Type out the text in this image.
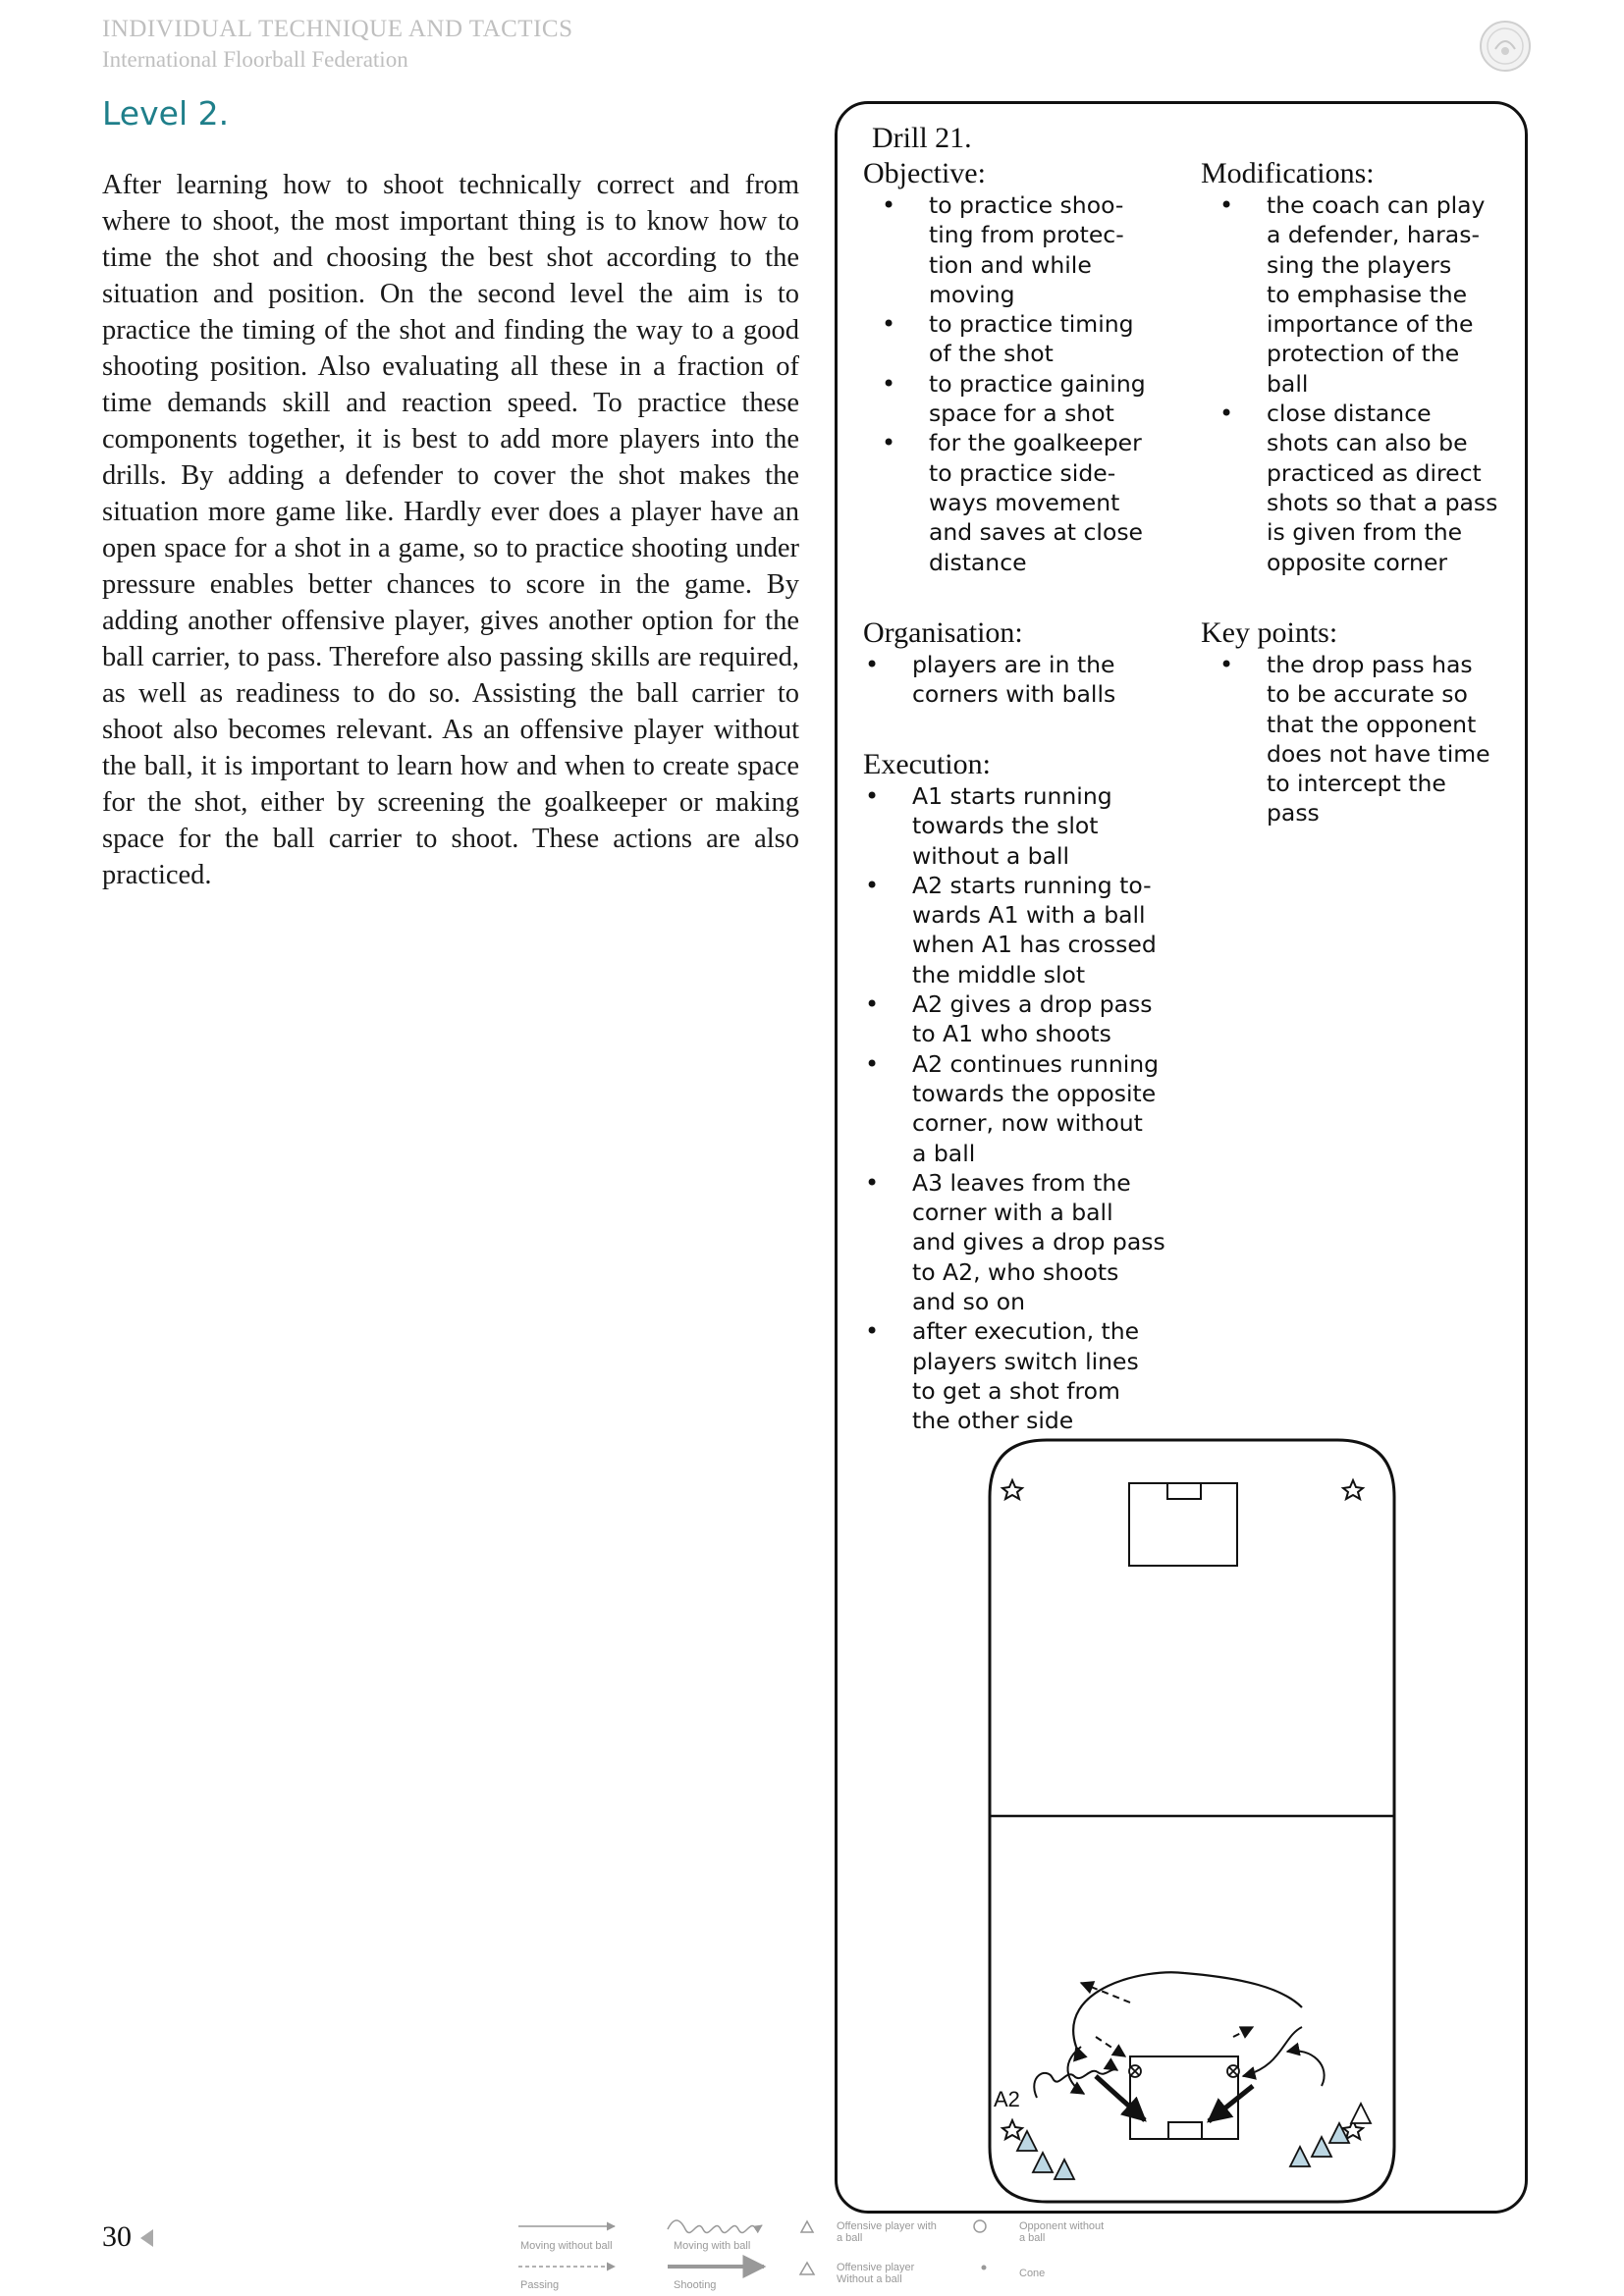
INDIVIDUAL TECHNIQUE AND TACTICS
International Floorball Federation
Level 2.

After learning how to shoot technically correct and from where to shoot, the most important thing is to know how to time the shot and choosing the best shot according to the situation and position. On the second level the aim is to practice the timing of the shot and finding the way to a good shooting position. Also evaluating all these in a fraction of time demands skill and reaction speed. To practice these components together, it is best to add more players into the drills. By adding a defender to cover the shot makes the situation more game like. Hardly ever does a player have an open space for a shot in a game, so to practice shooting under pressure enables better chances to score in the game. By adding another offensive player, gives another option for the ball carrier, to pass. Therefore also passing skills are required, as well as readiness to do so. Assisting the ball carrier to shoot also becomes relevant. As an offensive player without the ball, it is important to learn how and when to create space for the shot, either by screening the goalkeeper or making space for the ball carrier to shoot. These actions are also practiced.

Drill 21.
Objective:
• to practice shoo-
ting from protec-
tion and while
moving
• to practice timing
of the shot
• to practice gaining
space for a shot
• for the goalkeeper
to practice side-
ways movement
and saves at close
distance
Modifications:
• the coach can play
a defender, haras-
sing the players
to emphasise the
importance of the
protection of the
ball
• close distance
shots can also be
practiced as direct
shots so that a pass
is given from the
opposite corner
Organisation:
• players are in the
corners with balls
Key points:
• the drop pass has
to be accurate so
that the opponent
does not have time
to intercept the
pass
Execution:
• A1 starts running
towards the slot
without a ball
• A2 starts running to-
wards A1 with a ball
when A1 has crossed
the middle slot
• A2 gives a drop pass
to A1 who shoots
• A2 continues running
towards the opposite
corner, now without
a ball
• A3 leaves from the
corner with a ball
and gives a drop pass
to A2, who shoots
and so on
• after execution, the
players switch lines
to get a shot from
the other side
A2
30	Moving without ball	Moving with ball
Passing	Shooting
Offensive player with
a ball
Offensive player
Without a ball
Opponent without
a ball
Cone
